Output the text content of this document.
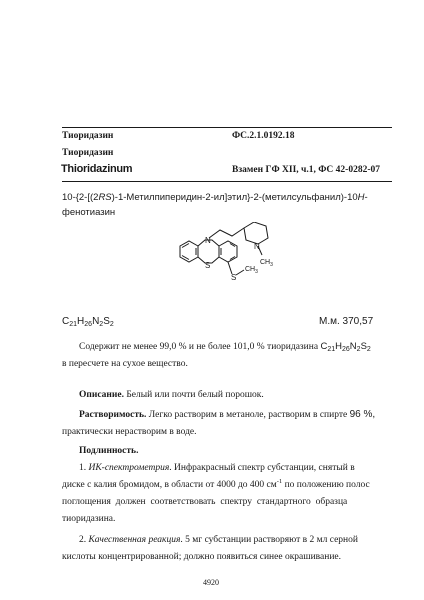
Тиоридазин	ФС.2.1.0192.18
Тиоридазин
Thioridazinum	Взамен ГФ XII, ч.1, ФС 42-0282-07
10-{2-[(2RS)-1-Метилпиперидин-2-ил]этил}-2-(метилсульфанил)-10H-
фенотиазин
N
N
S	$CH_3$
S
$CH_3$
$C_{21}H_{26}N_2S_2$	М.м. 370,57
Содержит не менее 99,0 % и не более 101,0 % тиоридазина $C_{21}H_{26}N_2S_2$
в пересчете на сухое вещество.
Описание. Белый или почти белый порошок.
Растворимость. Легко растворим в метаноле, растворим в спирте 96 %,
практически нерастворим в воде.
Подлинность.
1. ИК-спектрометрия. Инфракрасный спектр субстанции, снятый в
диске с калия бромидом, в области от 4000 до 400 $см^{-1}$ по положению полос
поглощения должен соответствовать спектру стандартного образца
тиоридазина.
2. Качественная реакция. 5 мг субстанции растворяют в 2 мл серной
кислоты концентрированной; должно появиться синее окрашивание.
4920
